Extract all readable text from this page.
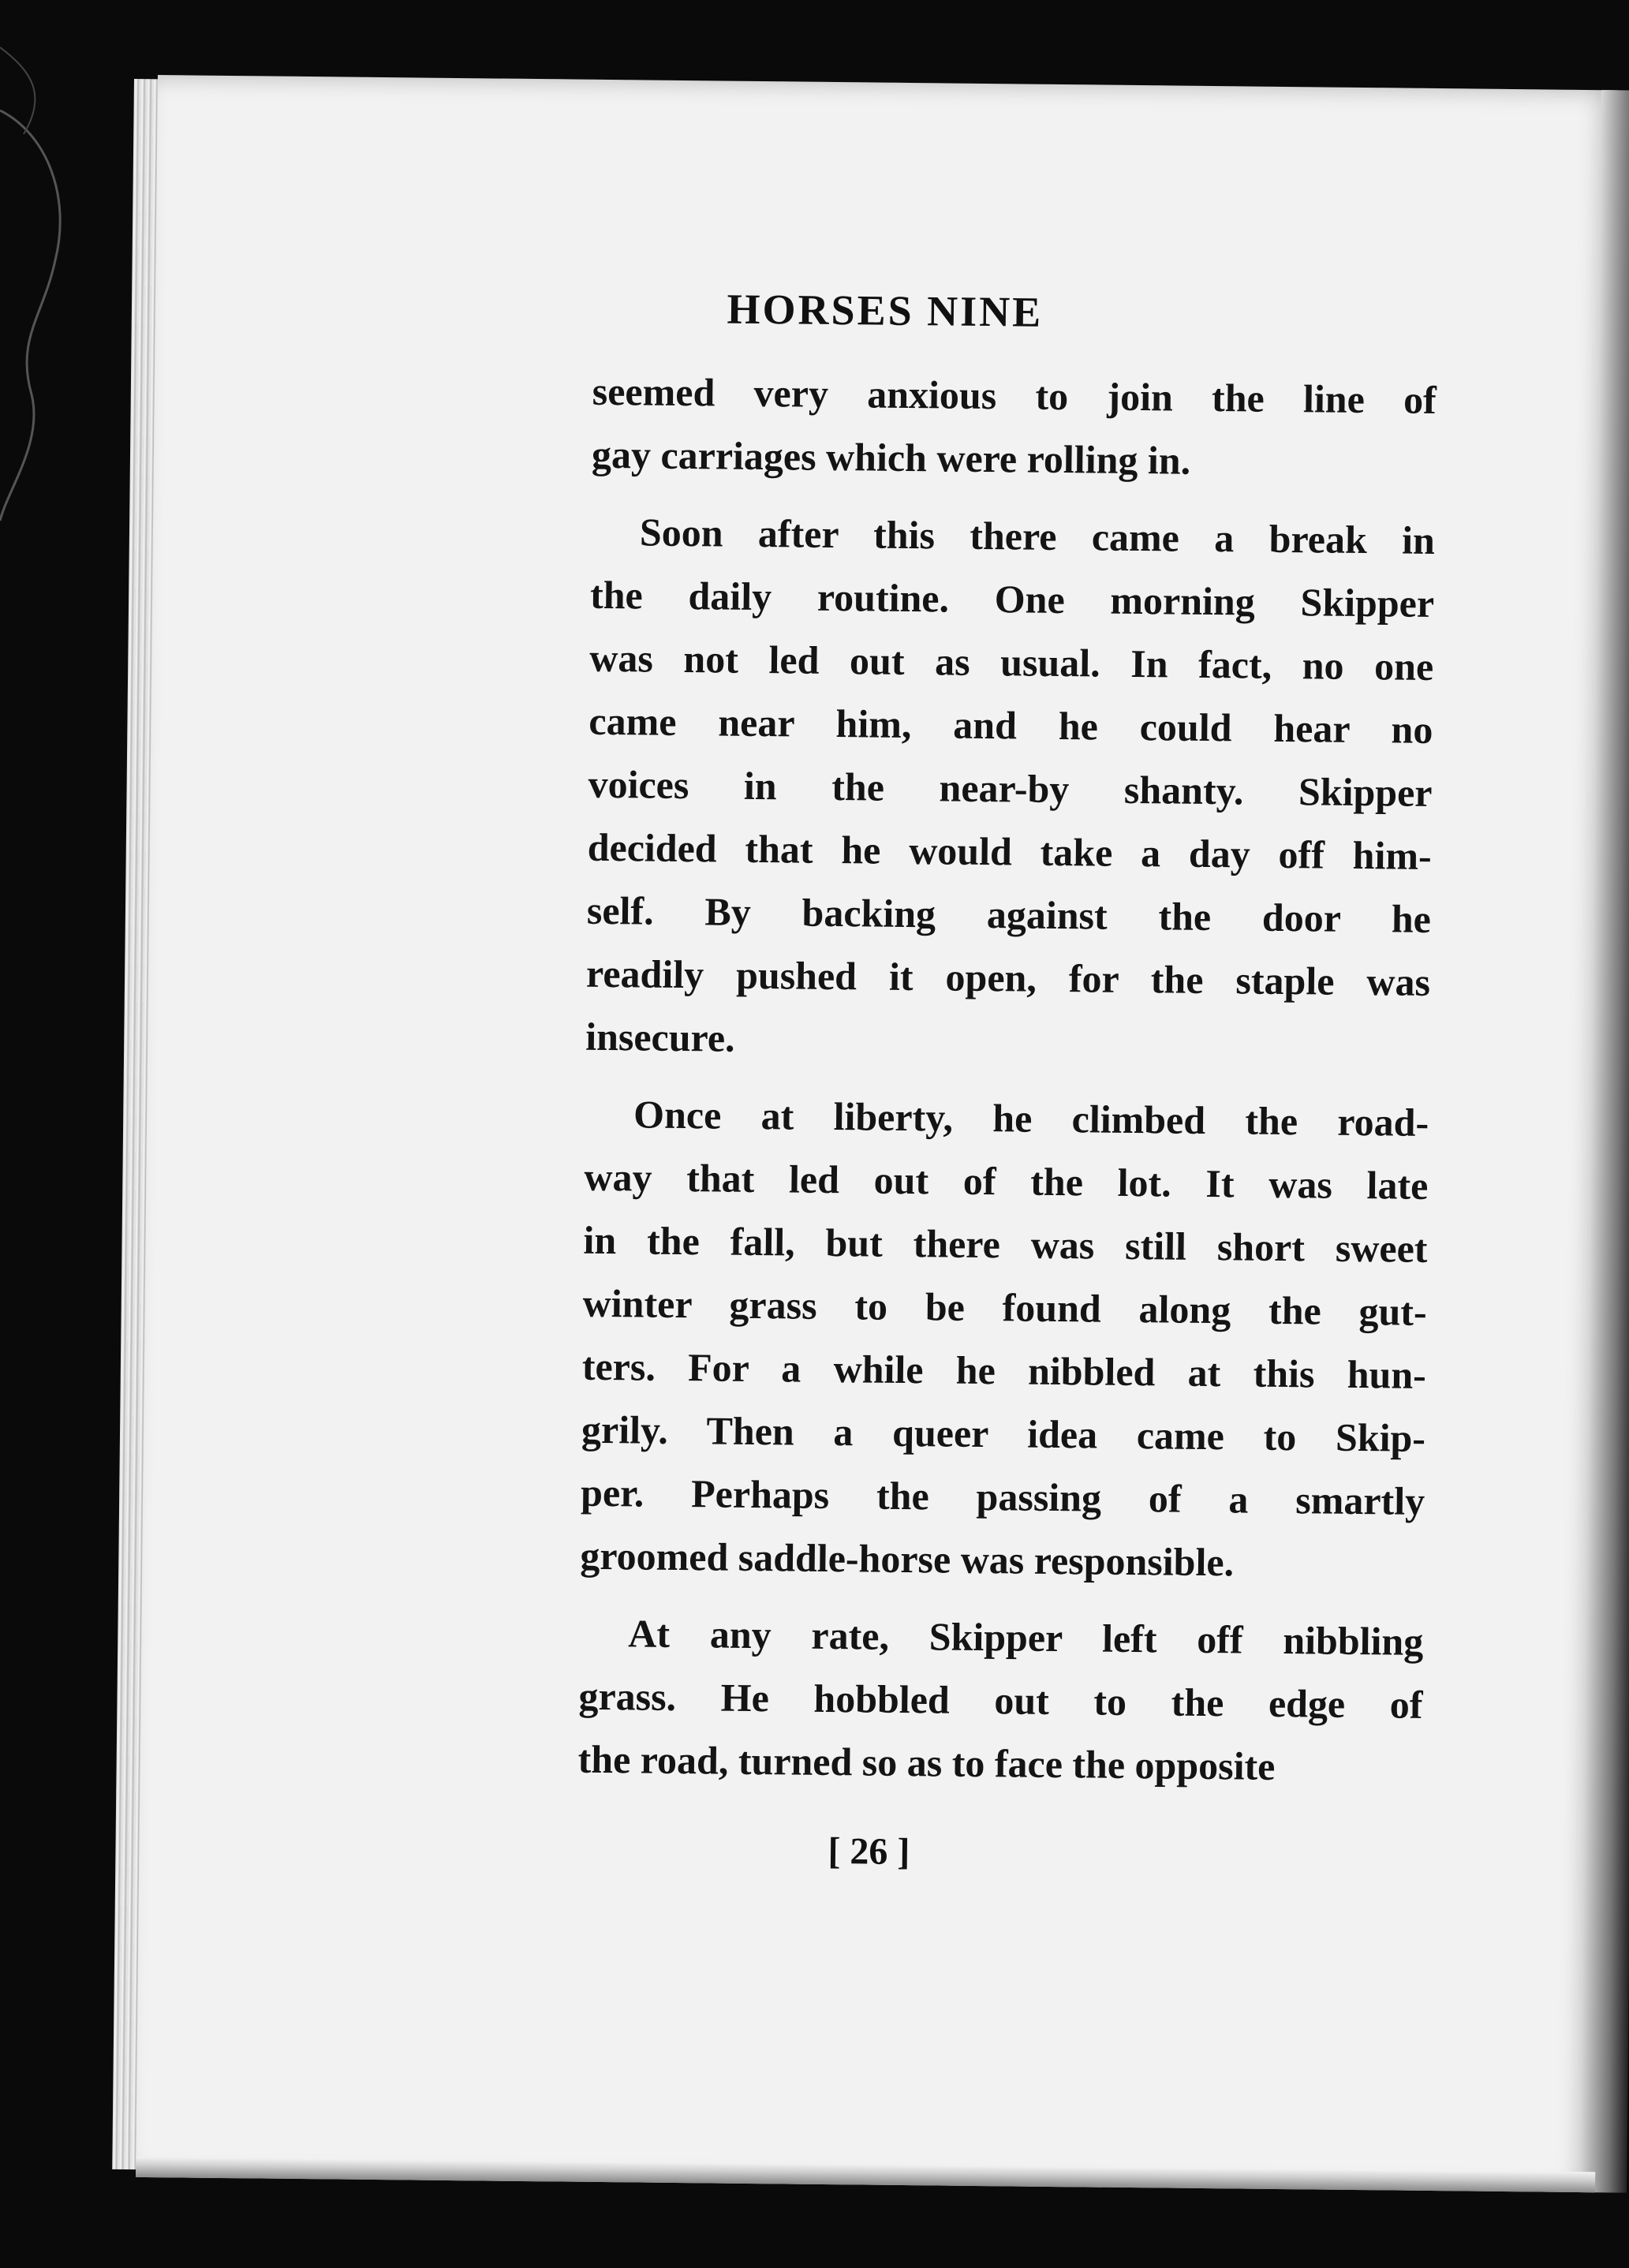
HORSES NINE
seemed very anxious to join the line of
gay carriages which were rolling in.
Soon after this there came a break in
the daily routine. One morning Skipper
was not led out as usual. In fact, no one
came near him, and he could hear no
voices in the near-by shanty. Skipper
decided that he would take a day off him-
self. By backing against the door he
readily pushed it open, for the staple was
insecure.
Once at liberty, he climbed the road-
way that led out of the lot. It was late
in the fall, but there was still short sweet
winter grass to be found along the gut-
ters. For a while he nibbled at this hun-
grily. Then a queer idea came to Skip-
per. Perhaps the passing of a smartly
groomed saddle-horse was responsible.
At any rate, Skipper left off nibbling
grass. He hobbled out to the edge of
the road, turned so as to face the opposite
[ 26 ]
